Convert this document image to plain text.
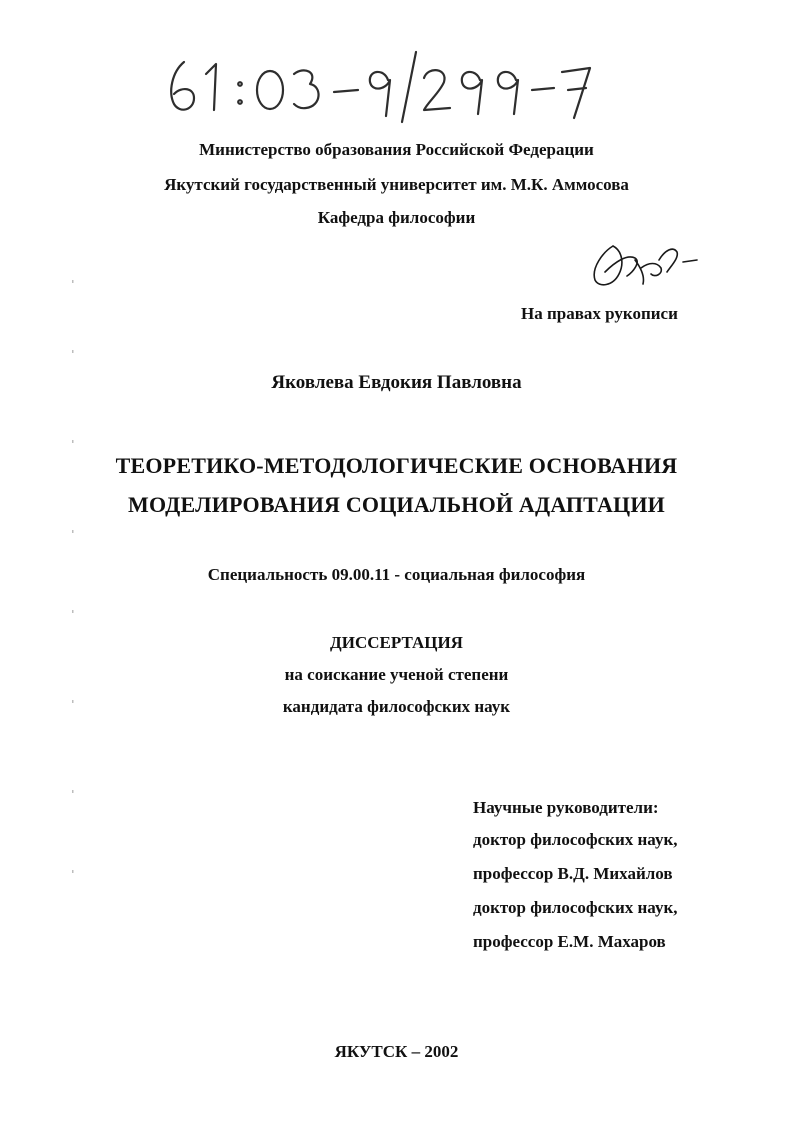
Министерство образования Российской Федерации
Якутский государственный университет им. М.К. Аммосова
Кафедра философии
На правах рукописи
Яковлева Евдокия Павловна
ТЕОРЕТИКО-МЕТОДОЛОГИЧЕСКИЕ ОСНОВАНИЯ
МОДЕЛИРОВАНИЯ СОЦИАЛЬНОЙ АДАПТАЦИИ
Специальность 09.00.11 - социальная философия
ДИССЕРТАЦИЯ
на соискание ученой степени
кандидата философских наук
Научные руководители:
доктор философских наук,
профессор В.Д. Михайлов
доктор философских наук,
профессор Е.М. Махаров
ЯКУТСК – 2002
